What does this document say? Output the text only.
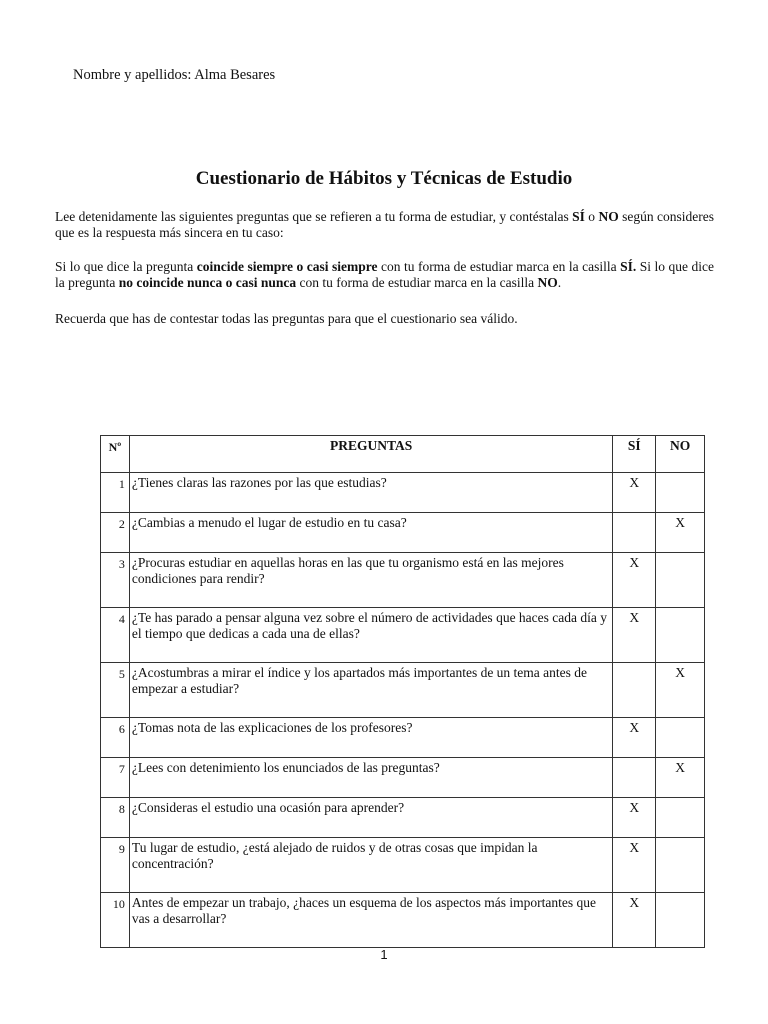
Nombre y apellidos: Alma Besares
Cuestionario de Hábitos y Técnicas de Estudio
Lee detenidamente las siguientes preguntas que se refieren a tu forma de estudiar, y contéstalas SÍ o NO según consideres que es la respuesta más sincera en tu caso:
Si lo que dice la pregunta coincide siempre o casi siempre con tu forma de estudiar marca en la casilla SÍ. Si lo que dice la pregunta no coincide nunca o casi nunca con tu forma de estudiar marca en la casilla NO.
Recuerda que has de contestar todas las preguntas para que el cuestionario sea válido.
Nº	PREGUNTAS	SÍ	NO
1	¿Tienes claras las razones por las que estudias?	X	
2	¿Cambias a menudo el lugar de estudio en tu casa?		X
3	¿Procuras estudiar en aquellas horas en las que tu organismo está en las mejores condiciones para rendir?	X	
4	¿Te has parado a pensar alguna vez sobre el número de actividades que haces cada día y el tiempo que dedicas a cada una de ellas?	X	
5	¿Acostumbras a mirar el índice y los apartados más importantes de un tema antes de empezar a estudiar?		X
6	¿Tomas nota de las explicaciones de los profesores?	X	
7	¿Lees con detenimiento los enunciados de las preguntas?		X
8	¿Consideras el estudio una ocasión para aprender?	X	
9	Tu lugar de estudio, ¿está alejado de ruidos y de otras cosas que impidan la concentración?	X	
10	Antes de empezar un trabajo, ¿haces un esquema de los aspectos más importantes que vas a desarrollar?	X	
1
